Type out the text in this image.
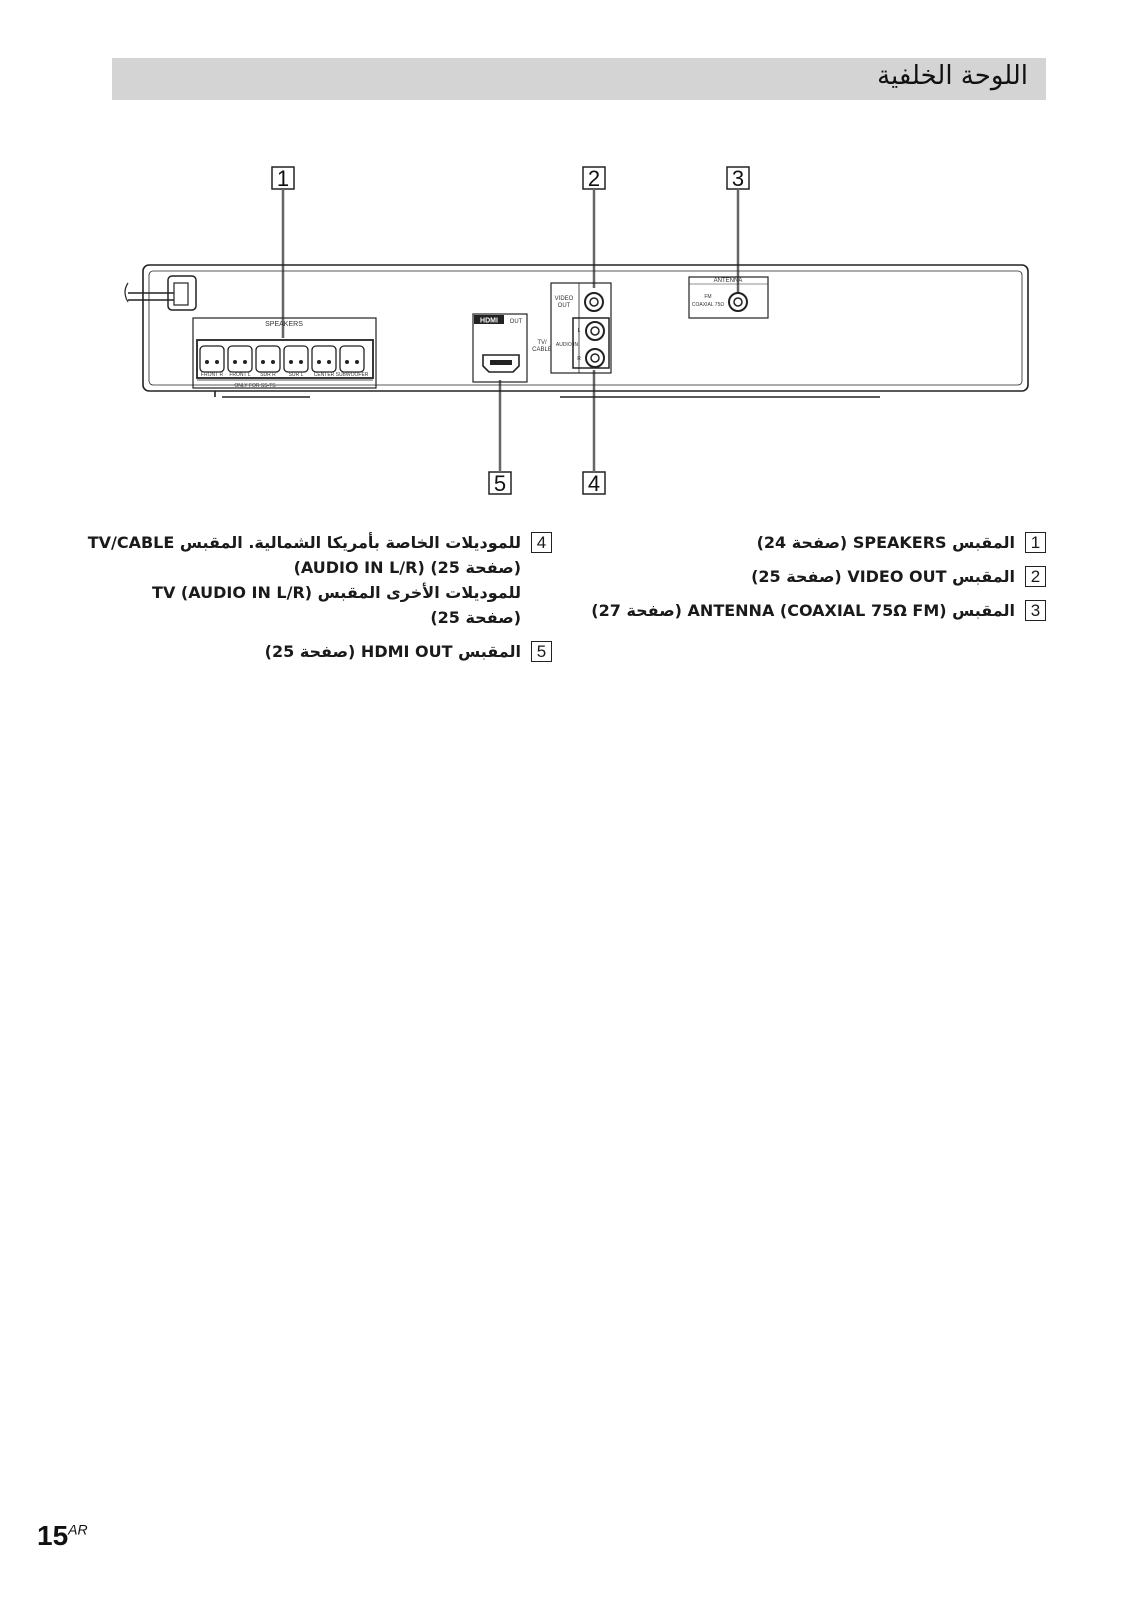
اللوحة الخلفية
1	2	3
5	4
SPEAKERS
FRONT R FRONT L SUR R	SUR L CENTER SUBWOOFER
ONLY FOR SS-TS
HDMI OUT
VIDEO
OUT
TV/
CABLE
AUDIO IN
L
R
ANTENNA
FM
COAXIAL 75Ω
1
المقبس SPEAKERS (صفحة 24)
2
المقبس VIDEO OUT (صفحة 25)
3
المقبس ANTENNA (COAXIAL 75Ω FM) (صفحة 27)
4
للموديلات الخاصة بأمريكا الشمالية. المقبس TV/CABLE
(AUDIO IN L/R) (صفحة 25)
للموديلات الأخرى المقبس TV (AUDIO IN L/R)
(صفحة 25)
5
المقبس HDMI OUT (صفحة 25)
$15^{AR}$
